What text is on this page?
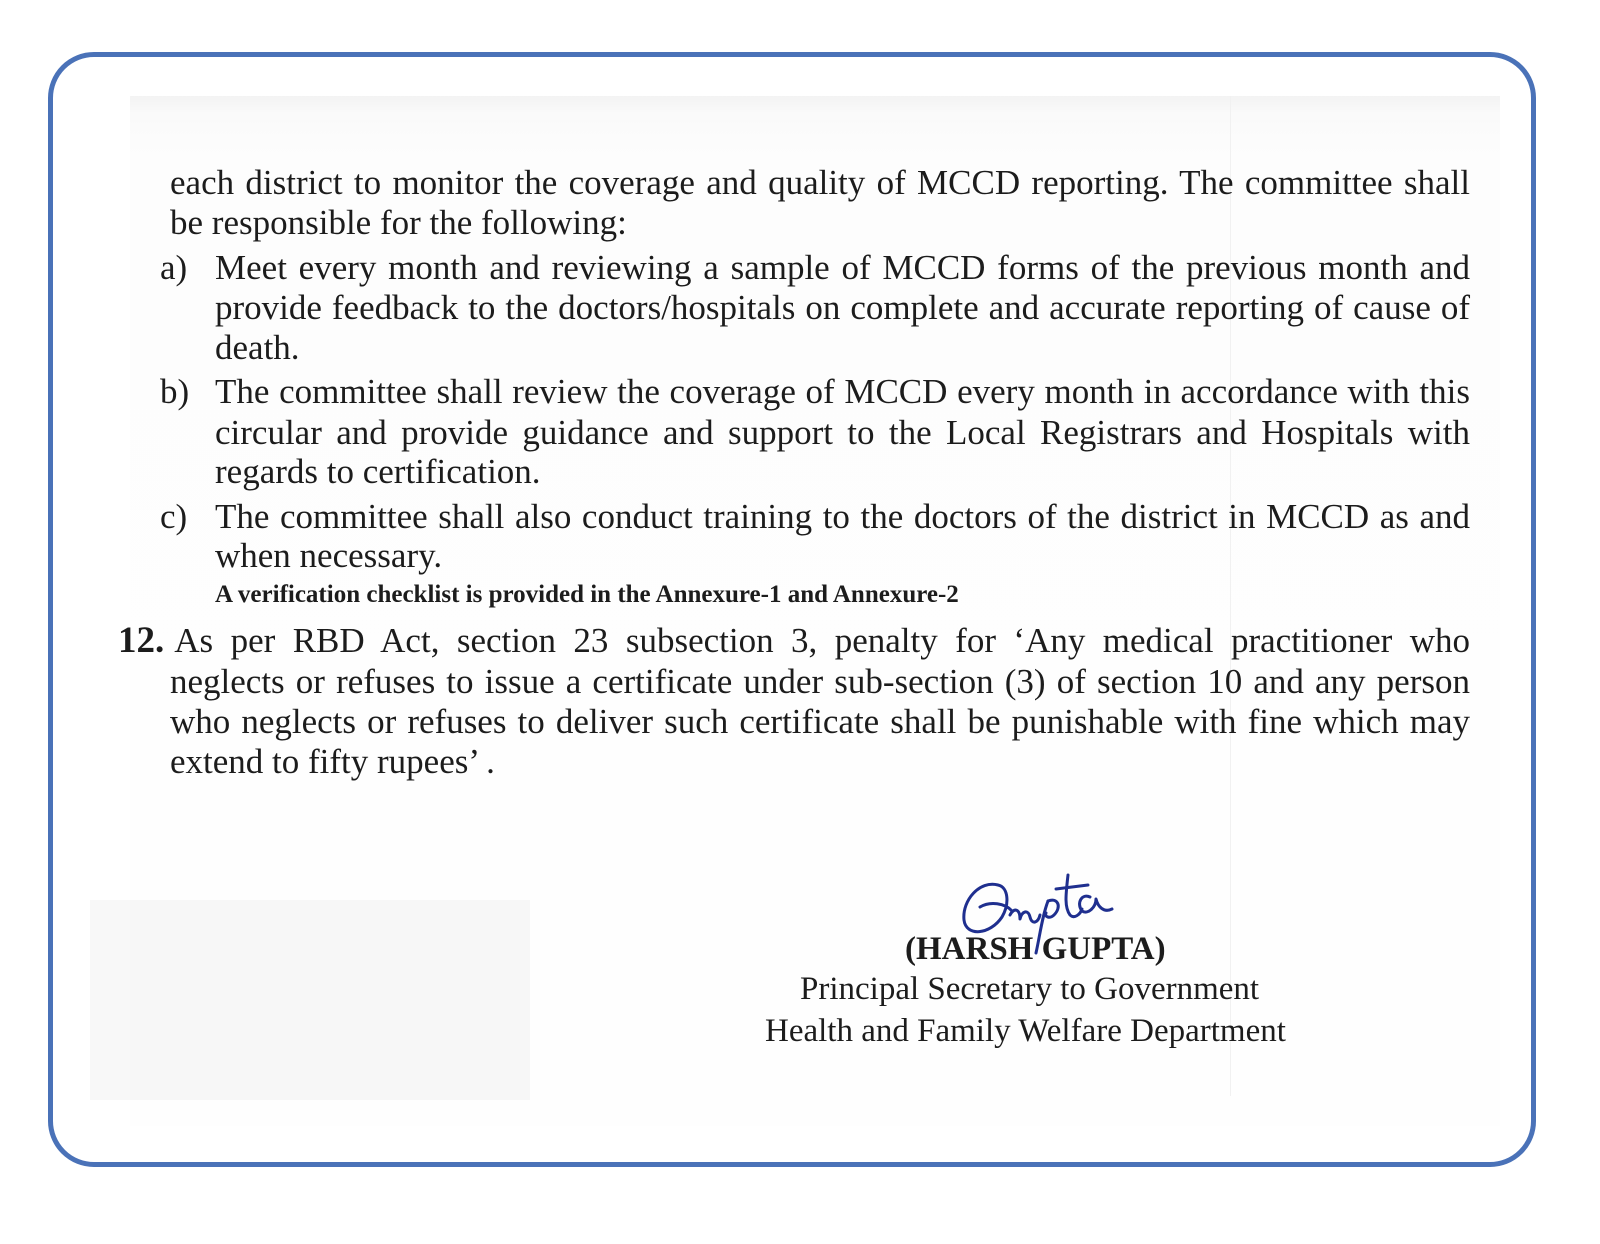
each district to monitor the coverage and quality of MCCD reporting. The committee shall
be responsible for the following:
a) Meet every month and reviewing a sample of MCCD forms of the previous month and
provide feedback to the doctors/hospitals on complete and accurate reporting of cause of
death.
b) The committee shall review the coverage of MCCD every month in accordance with this
circular and provide guidance and support to the Local Registrars and Hospitals with
regards to certification.
c) The committee shall also conduct training to the doctors of the district in MCCD as and
when necessary.
A verification checklist is provided in the Annexure-1 and Annexure-2
12. As per RBD Act, section 23 subsection 3, penalty for ‘Any medical practitioner who
neglects or refuses to issue a certificate under sub-section (3) of section 10 and any person
who neglects or refuses to deliver such certificate shall be punishable with fine which may
extend to fifty rupees’ .
(HARSH GUPTA)
Principal Secretary to Government
Health and Family Welfare Department
